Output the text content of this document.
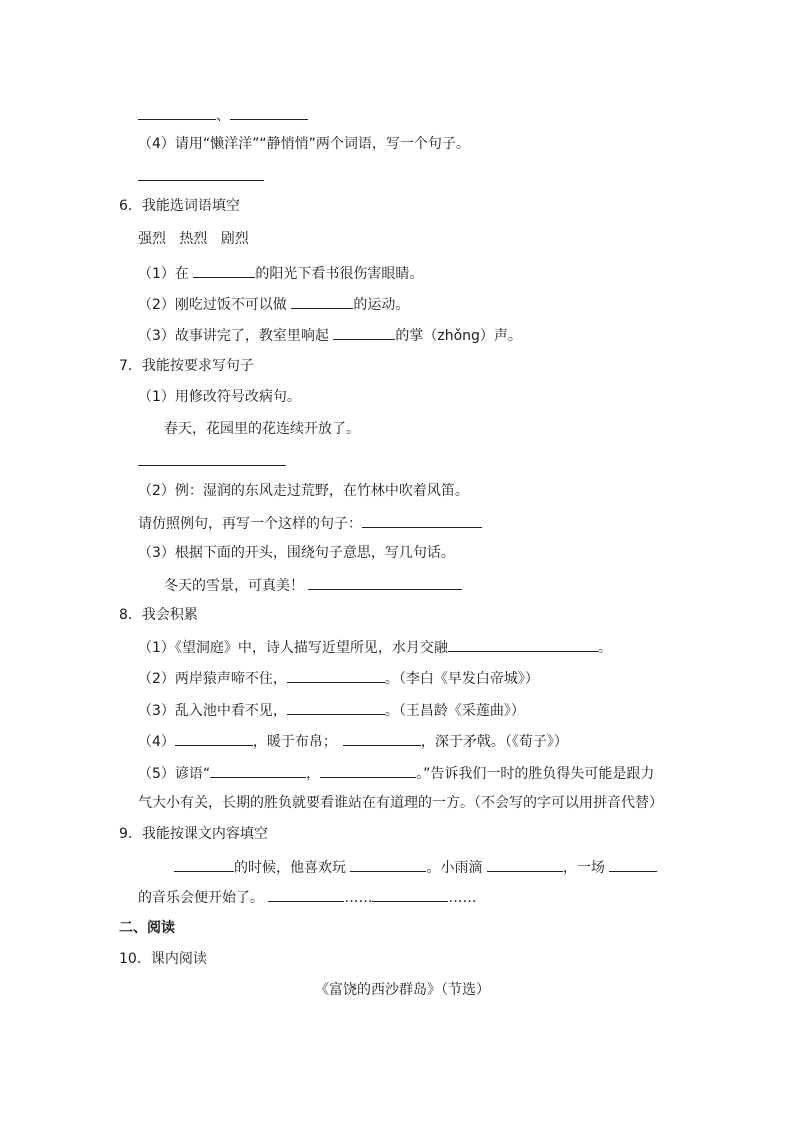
、
（4）请用“懒洋洋”“静悄悄”两个词语，写一个句子。
6．我能选词语填空
强烈   热烈   剧烈
（1）在	的阳光下看书很伤害眼睛。
（2）刚吃过饭不可以做	的运动。
（3）故事讲完了，教室里响起	的掌（zhǒng）声。
7．我能按要求写句子
（1）用修改符号改病句。
春天，花园里的花连续开放了。
（2）例：湿润的东风走过荒野，在竹林中吹着风笛。
请仿照例句，再写一个这样的句子：
（3）根据下面的开头，围绕句子意思，写几句话。
冬天的雪景，可真美！
8．我会积累
（1）《望洞庭》中，诗人描写近望所见，水月交融	。
（2）两岸猿声啼不住，	。（李白《早发白帝城》）
（3）乱入池中看不见，	。（王昌龄《采莲曲》）
（4）	，暖于布帛；	，深于矛戟。（《荀子》）
（5）谚语“	，	。”告诉我们一时的胜负得失可能是跟力
气大小有关，长期的胜负就要看谁站在有道理的一方。（不会写的字可以用拼音代替）
9．我能按课文内容填空
的时候，他喜欢玩	。小雨滴	，一场
的音乐会便开始了。	……	……
二、阅读
10．课内阅读
《富饶的西沙群岛》（节选）
